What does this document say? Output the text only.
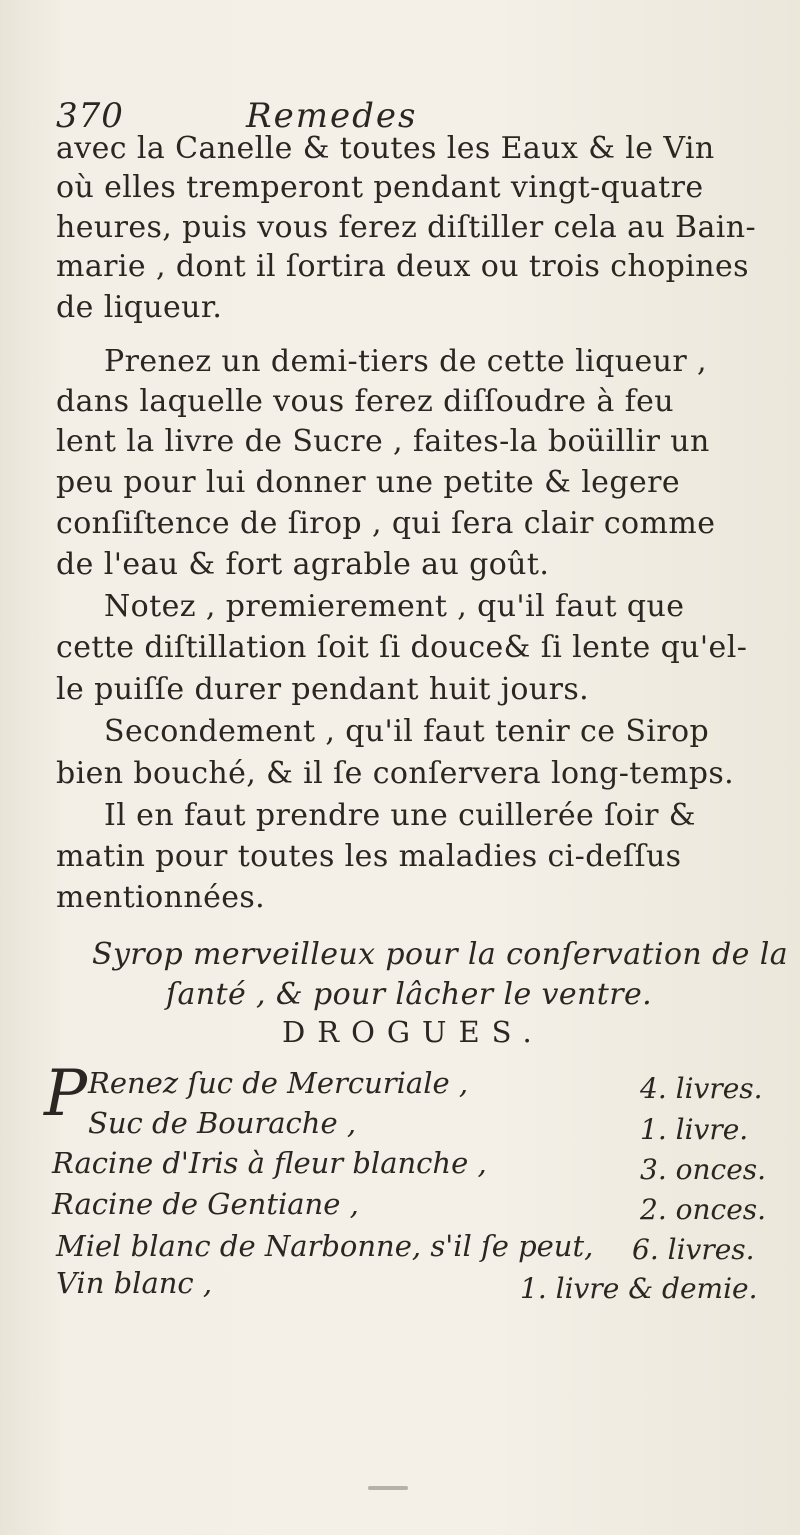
370	Remedes
avec la Canelle & toutes les Eaux & le Vin
où elles tremperont pendant vingt-quatre
heures, puis vous ferez diſtiller cela au Bain-
marie , dont il ſortira deux ou trois chopines
de liqueur.
Prenez un demi-tiers de cette liqueur ,
dans laquelle vous ferez diſſoudre à feu
lent la livre de Sucre , faites-la boüillir un
peu pour lui donner une petite & legere
conſiſtence de ſirop , qui ſera clair comme
de l'eau & fort agrable au goût.
Notez , premierement , qu'il faut que
cette diſtillation ſoit ſi douce& ſi lente qu'el-
le puiſſe durer pendant huit jours.
Secondement , qu'il faut tenir ce Sirop
bien bouché, & il ſe conſervera long-temps.
Il en faut prendre une cuillerée ſoir &
matin pour toutes les maladies ci-deſſus
mentionnées.
Syrop merveilleux pour la conſervation de la
ſanté , & pour lâcher le ventre.
DROGUES.
P Renez ſuc de Mercuriale ,	4. livres.
Suc de Bourache ,	1. livre.
Racine d'Iris à fleur blanche ,	3. onces.
Racine de Gentiane ,	2. onces.
Miel blanc de Narbonne, s'il ſe peut, 6. livres.
Vin blanc ,	1. livre & demie.
